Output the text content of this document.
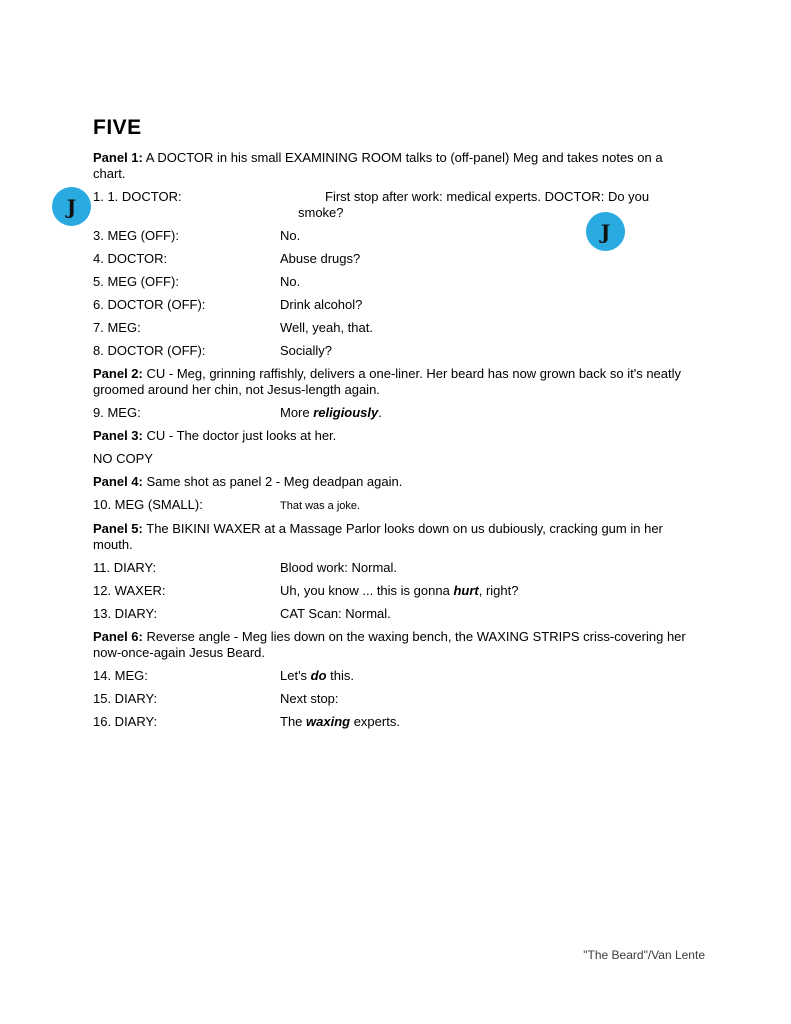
FIVE

Panel 1: A DOCTOR in his small EXAMINING ROOM talks to (off-panel) Meg and takes notes on a chart.

1. 1. DOCTOR:	First stop after work: medical experts. DOCTOR: Do you
smoke?
3. MEG (OFF):	No.
4. DOCTOR:	Abuse drugs?
5. MEG (OFF):	No.
6. DOCTOR (OFF):	Drink alcohol?
7. MEG:	Well, yeah, that.
8. DOCTOR (OFF):	Socially?

Panel 2: CU - Meg, grinning raffishly, delivers a one-liner. Her beard has now grown back so it's neatly groomed around her chin, not Jesus-length again.

9. MEG:	More religiously.

Panel 3: CU - The doctor just looks at her.

NO COPY

Panel 4: Same shot as panel 2 - Meg deadpan again.

10. MEG (SMALL):	That was a joke.

Panel 5: The BIKINI WAXER at a Massage Parlor looks down on us dubiously, cracking gum in her mouth.

11. DIARY:	Blood work: Normal.
12. WAXER:	Uh, you know ... this is gonna hurt, right?
13. DIARY:	CAT Scan: Normal.

Panel 6: Reverse angle - Meg lies down on the waxing bench, the WAXING STRIPS criss-covering her now-once-again Jesus Beard.

14. MEG:	Let's do this.
15. DIARY:	Next stop:
16. DIARY:	The waxing experts.
"The Beard"/Van Lente
J
J
